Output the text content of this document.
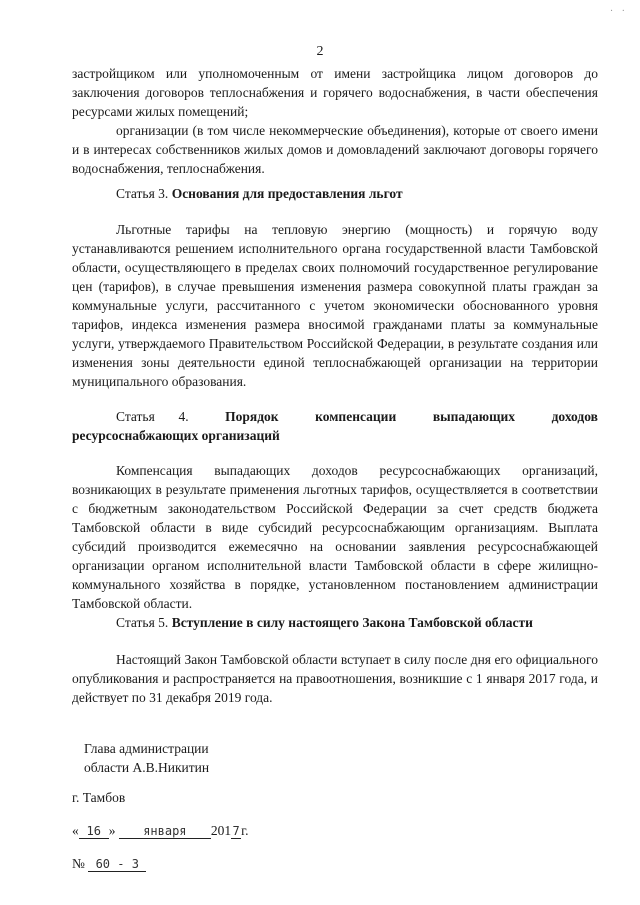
· ·
2
застройщиком или уполномоченным от имени застройщика лицом договоров до заключения договоров теплоснабжения и горячего водоснабжения, в части обеспечения ресурсами жилых помещений;
организации (в том числе некоммерческие объединения), которые от своего имени и в интересах собственников жилых домов и домовладений заключают договоры горячего водоснабжения, теплоснабжения.
Статья 3. Основания для предоставления льгот
Льготные тарифы на тепловую энергию (мощность) и горячую воду устанавливаются решением исполнительного органа государственной власти Тамбовской области, осуществляющего в пределах своих полномочий государственное регулирование цен (тарифов), в случае превышения изменения размера совокупной платы граждан за коммунальные услуги, рассчитанного с учетом экономически обоснованного уровня тарифов, индекса изменения размера вносимой гражданами платы за коммунальные услуги, утверждаемого Правительством Российской Федерации, в результате создания или изменения зоны деятельности единой теплоснабжающей организации на территории муниципального образования.
Статья 4.	Порядок	компенсации	выпадающих	доходов
ресурсоснабжающих организаций
Компенсация выпадающих доходов ресурсоснабжающих организаций, возникающих в результате применения льготных тарифов, осуществляется в соответствии с бюджетным законодательством Российской Федерации за счет средств бюджета Тамбовской области в виде субсидий ресурсоснабжающим организациям. Выплата субсидий производится ежемесячно на основании заявления ресурсоснабжающей организации органом исполнительной власти Тамбовской области в сфере жилищно-коммунального хозяйства в порядке, установленном постановлением администрации Тамбовской области.
Статья 5. Вступление в силу настоящего Закона Тамбовской области
Настоящий Закон Тамбовской области вступает в силу после дня его официального опубликования и распространяется на правоотношения, возникшие с 1 января 2017 года, и действует по 31 декабря 2019 года.
Глава администрации
области А.В.Никитин
г. Тамбов
« 16 » января 2017г.
№ 60 - 3
